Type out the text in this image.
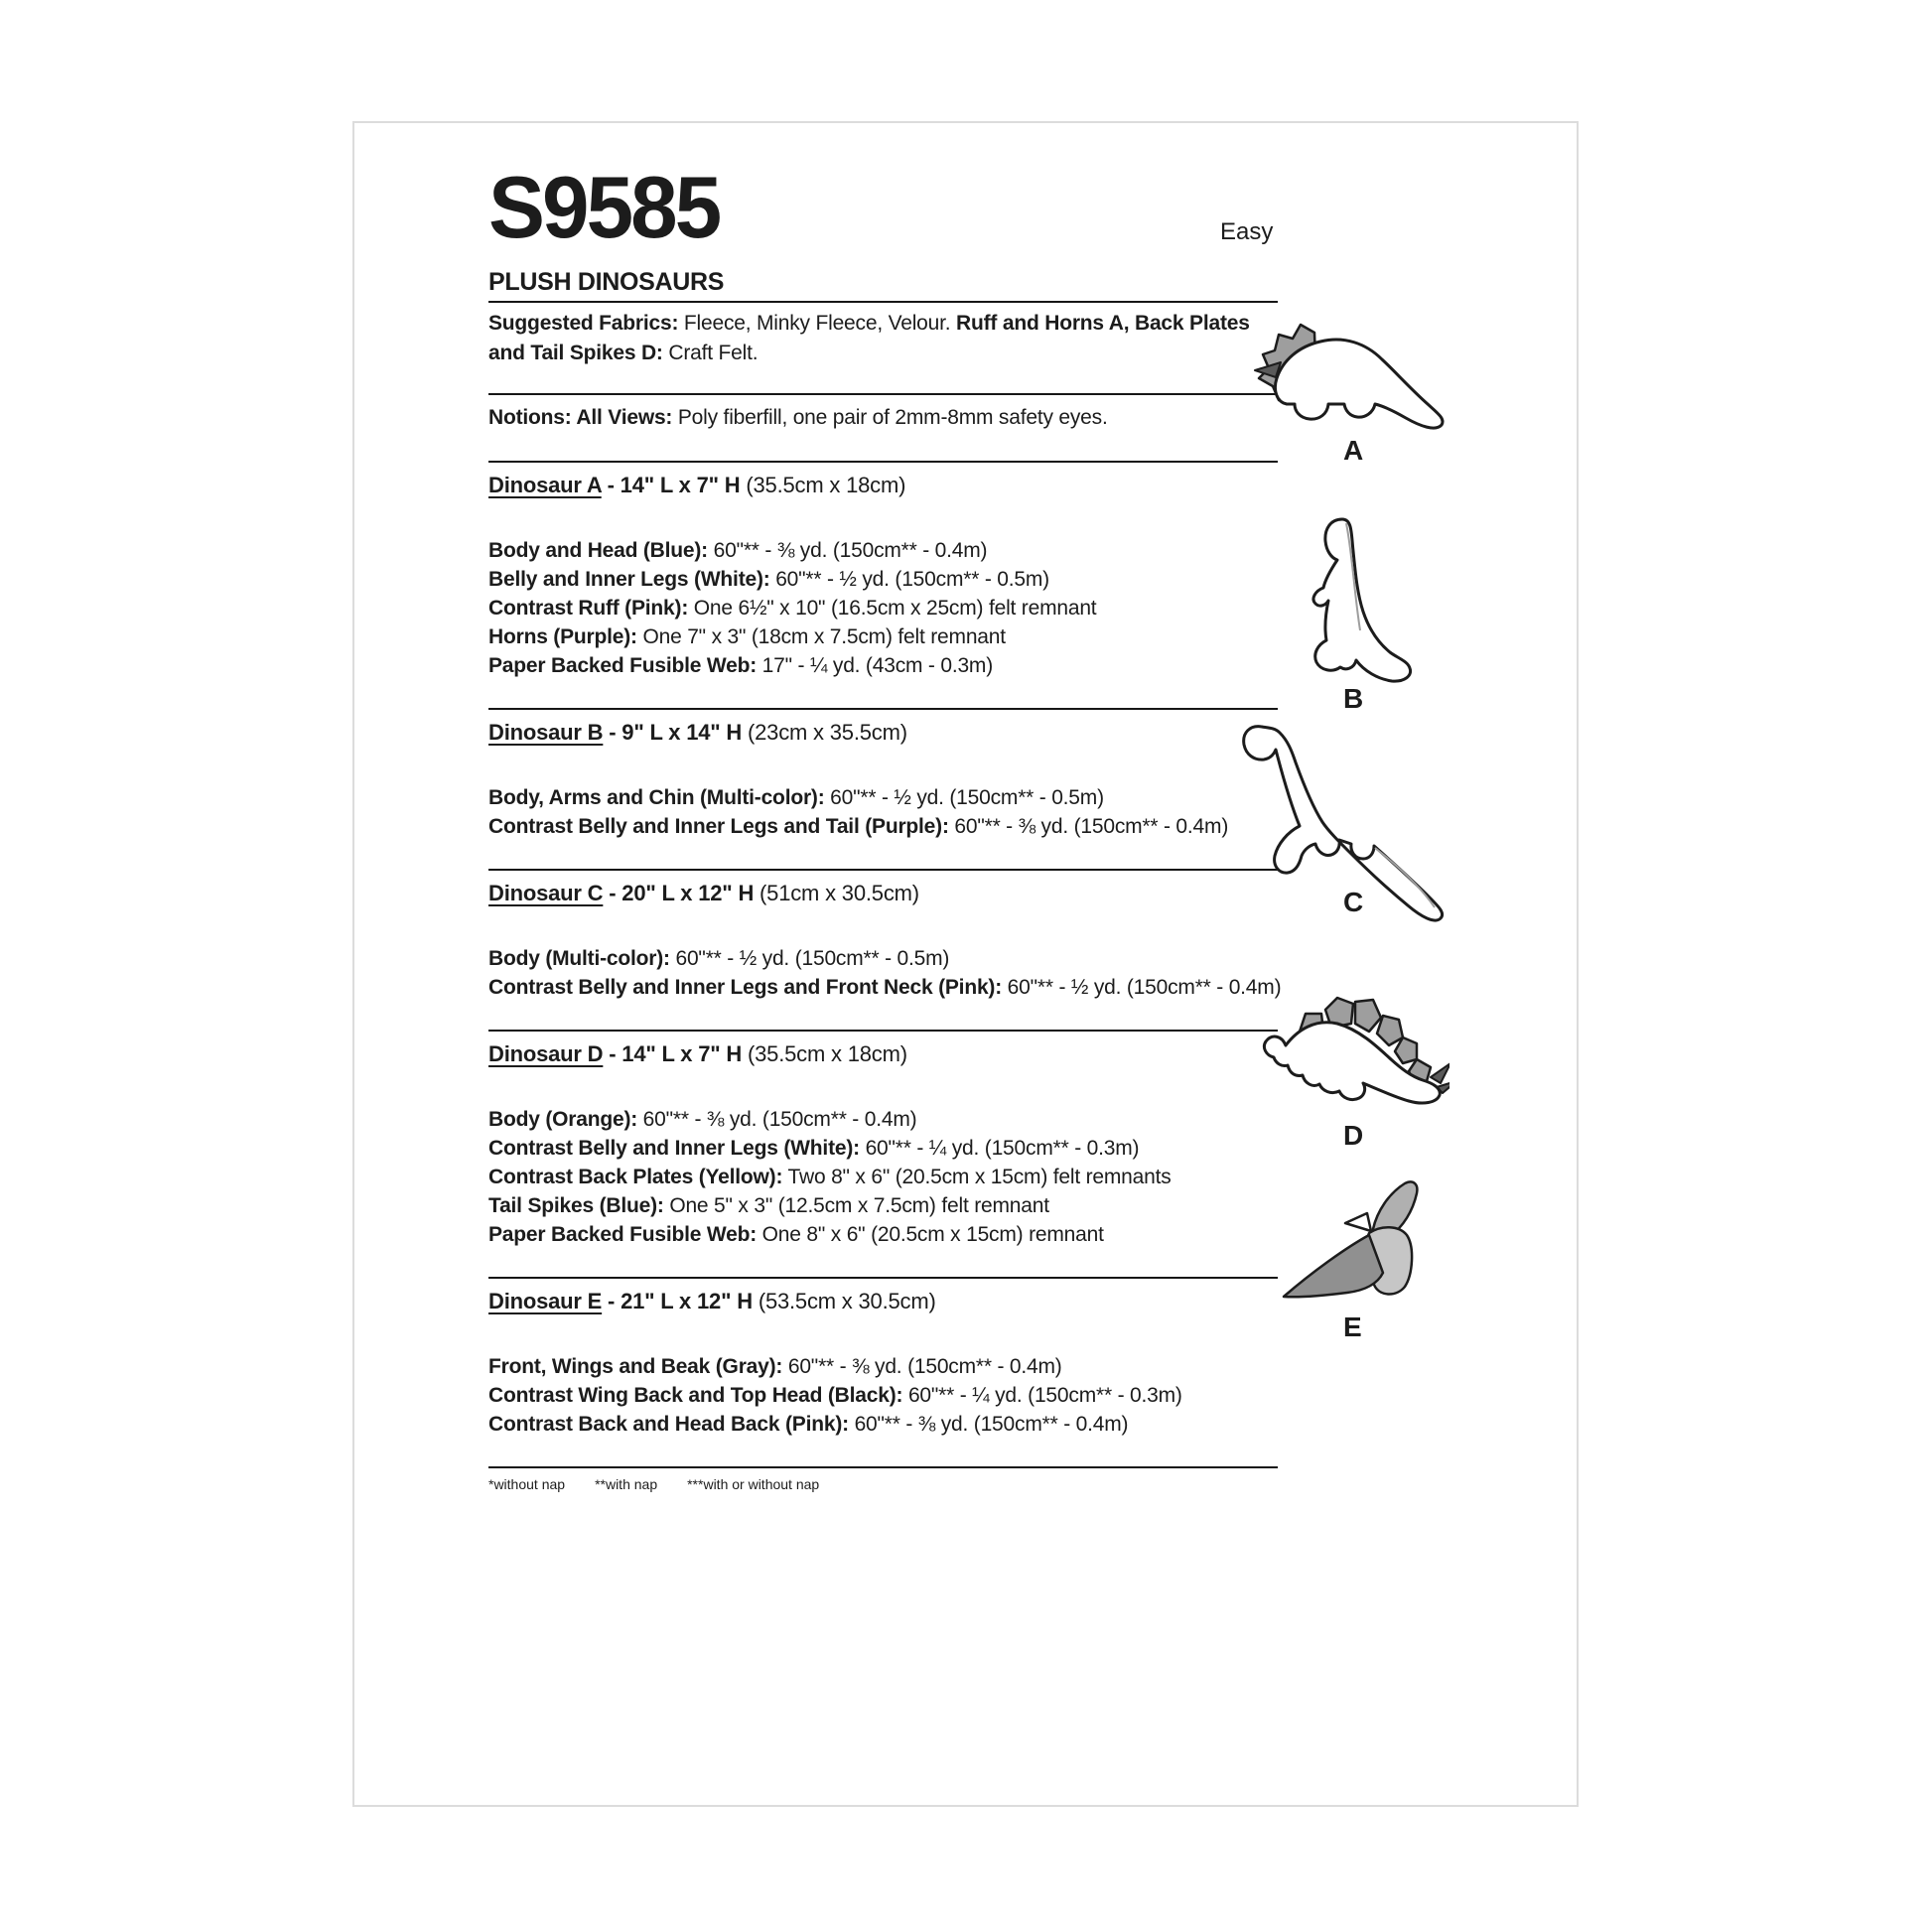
Easy
S9585
PLUSH DINOSAURS

Suggested Fabrics: Fleece, Minky Fleece, Velour. Ruff and Horns A, Back Plates and Tail Spikes D: Craft Felt.

Notions: All Views: Poly fiberfill, one pair of 2mm-8mm safety eyes.

Dinosaur A - 14" L x 7" H (35.5cm x 18cm)

Body and Head (Blue): 60"** - ⅜ yd. (150cm** - 0.4m)

Belly and Inner Legs (White): 60"** - ½ yd. (150cm** - 0.5m)

Contrast Ruff (Pink): One 6½" x 10" (16.5cm x 25cm) felt remnant

Horns (Purple): One 7" x 3" (18cm x 7.5cm) felt remnant

Paper Backed Fusible Web: 17" - ¼ yd. (43cm - 0.3m)

Dinosaur B - 9" L x 14" H (23cm x 35.5cm)

Body, Arms and Chin (Multi-color): 60"** - ½ yd. (150cm** - 0.5m)

Contrast Belly and Inner Legs and Tail (Purple): 60"** - ⅜ yd. (150cm** - 0.4m)

Dinosaur C - 20" L x 12" H (51cm x 30.5cm)

Body (Multi-color): 60"** - ½ yd. (150cm** - 0.5m)

Contrast Belly and Inner Legs and Front Neck (Pink): 60"** - ½ yd. (150cm** - 0.4m)

Dinosaur D - 14" L x 7" H (35.5cm x 18cm)

Body (Orange): 60"** - ⅜ yd. (150cm** - 0.4m)

Contrast Belly and Inner Legs (White): 60"** - ¼ yd. (150cm** - 0.3m)

Contrast Back Plates (Yellow): Two 8" x 6" (20.5cm x 15cm) felt remnants

Tail Spikes (Blue): One 5" x 3" (12.5cm x 7.5cm) felt remnant

Paper Backed Fusible Web: One 8" x 6" (20.5cm x 15cm) remnant

Dinosaur E - 21" L x 12" H (53.5cm x 30.5cm)

Front, Wings and Beak (Gray): 60"** - ⅜ yd. (150cm** - 0.4m)

Contrast Wing Back and Top Head (Black): 60"** - ¼ yd. (150cm** - 0.3m)

Contrast Back and Head Back (Pink): 60"** - ⅜ yd. (150cm** - 0.4m)

*without nap **with nap ***with or without nap

A
B
C
D
E
